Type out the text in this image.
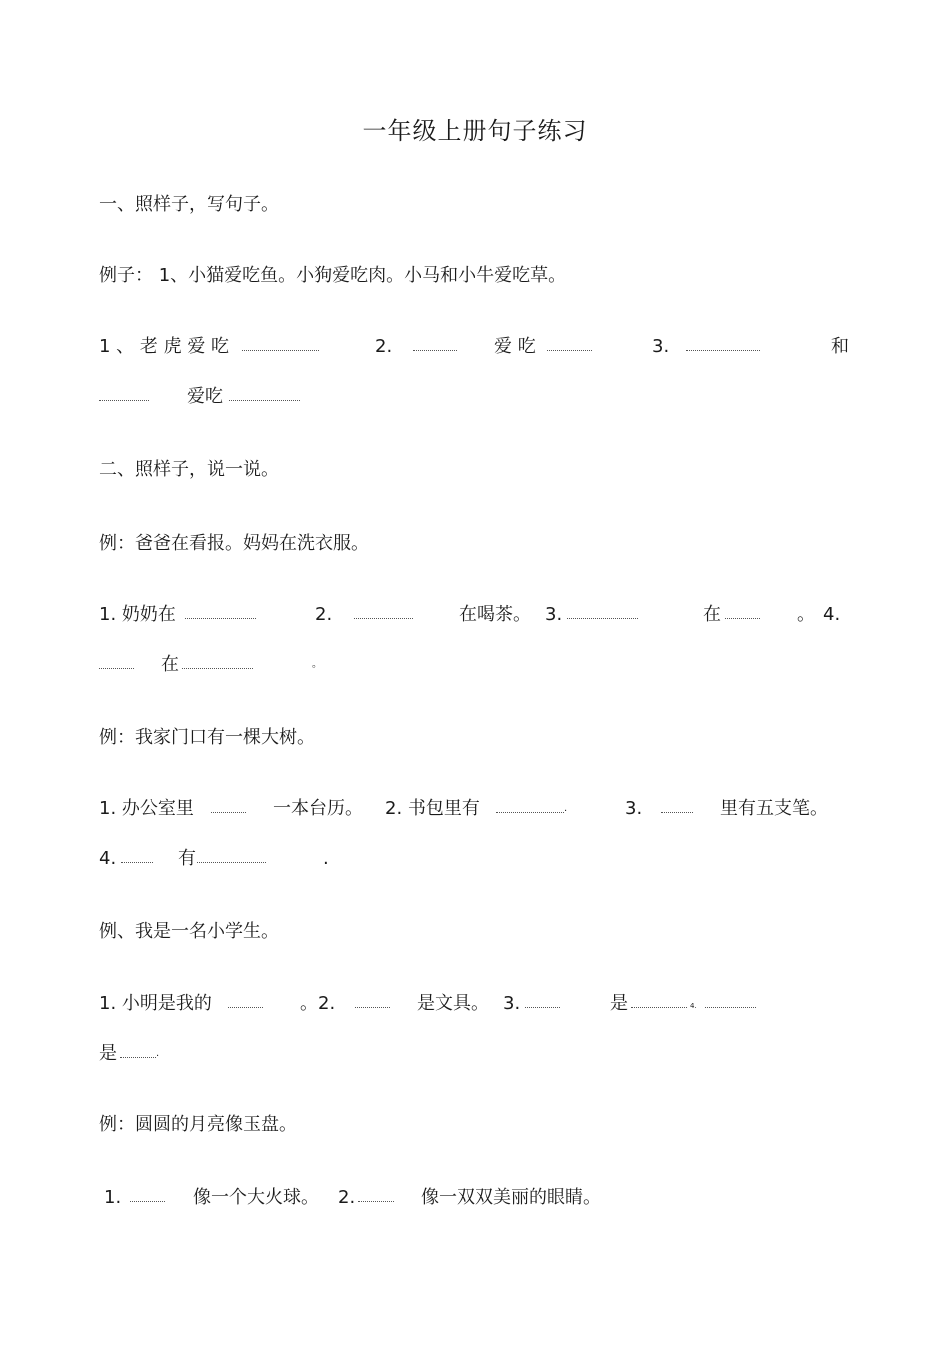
一年级上册句子练习
一、照样子，写句子。
例子： 1、小猫爱吃鱼。小狗爱吃肉。小马和小牛爱吃草。
1 、 老 虎 爱 吃	2.	爱 吃	3.	和
爱吃
二、照样子，说一说。
例：爸爸在看报。妈妈在洗衣服。
1. 奶奶在	2.	在喝茶。 3.	在	。 4.
在	。
例：我家门口有一棵大树。
1. 办公室里	一本台历。 2. 书包里有	.	3.	里有五支笔。
4.	有	.
例、我是一名小学生。
1. 小明是我的	。2.	是文具。 3.	是	4.
是	.
例：圆圆的月亮像玉盘。
1.	像一个大火球。 2.	像一双双美丽的眼睛。
